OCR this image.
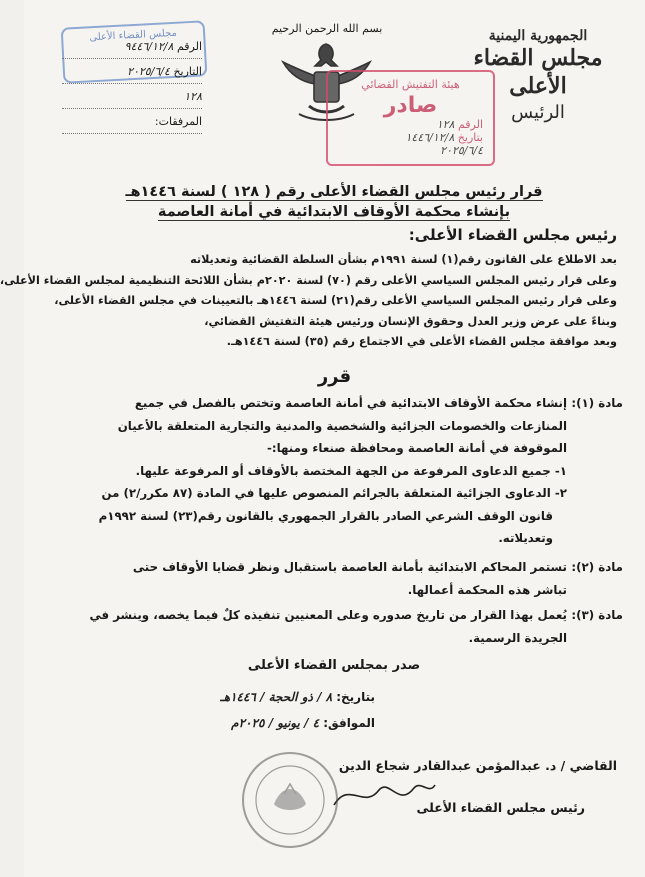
الجمهورية اليمنية
مجلس القضاء الأعلى
الرئيس
بسم الله الرحمن الرحيم
مجلس القضاء الأعلى
الرقم ٩٤٤٦/١٢/٨
التاريخ ٢٠٢٥/٦/٤
١٢٨
المرفقات:
هيئة التفتيش القضائي
صادر
الرقم ١٢٨
بتاريخ ١٤٤٦/١٢/٨
٢٠٢٥/٦/٤
قرار رئيس مجلس القضاء الأعلى رقم ( ١٢٨ ) لسنة ١٤٤٦هـ
بإنشاء محكمة الأوقاف الابتدائية في أمانة العاصمة
رئيس مجلس القضاء الأعلى:
بعد الاطلاع على القانون رقم(١) لسنة ١٩٩١م بشأن السلطة القضائية وتعديلاته
وعلى قرار رئيس المجلس السياسي الأعلى رقم (٧٠) لسنة ٢٠٢٠م بشأن اللائحة التنظيمية لمجلس القضاء الأعلى،
وعلى قرار رئيس المجلس السياسي الأعلى رقم(٢١) لسنة ١٤٤٦هـ بالتعيينات في مجلس القضاء الأعلى،
وبناءً على عرض وزير العدل وحقوق الإنسان ورئيس هيئة التفتيش القضائي،
وبعد موافقة مجلس القضاء الأعلى في الاجتماع رقم (٣٥) لسنة ١٤٤٦هـ.
قرر
مادة (١):
إنشاء محكمة الأوقاف الابتدائية في أمانة العاصمة وتختص بالفصل في جميع
المنازعات والخصومات الجزائية والشخصية والمدنية والتجارية المتعلقة بالأعيان
الموقوفة في أمانة العاصمة ومحافظة صنعاء ومنها:-
١- جميع الدعاوى المرفوعة من الجهة المختصة بالأوقاف أو المرفوعة عليها.
٢- الدعاوى الجزائية المتعلقة بالجرائم المنصوص عليها في المادة (٨٧ مكرر/٢) من
قانون الوقف الشرعي الصادر بالقرار الجمهوري بالقانون رقم(٢٣) لسنة ١٩٩٢م
وتعديلاته.
مادة (٢):
تستمر المحاكم الابتدائية بأمانة العاصمة باستقبال ونظر قضايا الأوقاف حتى
تباشر هذه المحكمة أعمالها.
مادة (٣):
يُعمل بهذا القرار من تاريخ صدوره وعلى المعنيين تنفيذه كلٌ فيما يخصه، وينشر في
الجريدة الرسمية.
صدر بمجلس القضاء الأعلى
بتاريخ: ٨ / ذو الحجة / ١٤٤٦هـ
الموافق: ٤ / يونيو / ٢٠٢٥م
القاضي / د. عبدالمؤمن عبدالقادر شجاع الدين
رئيس مجلس القضاء الأعلى
